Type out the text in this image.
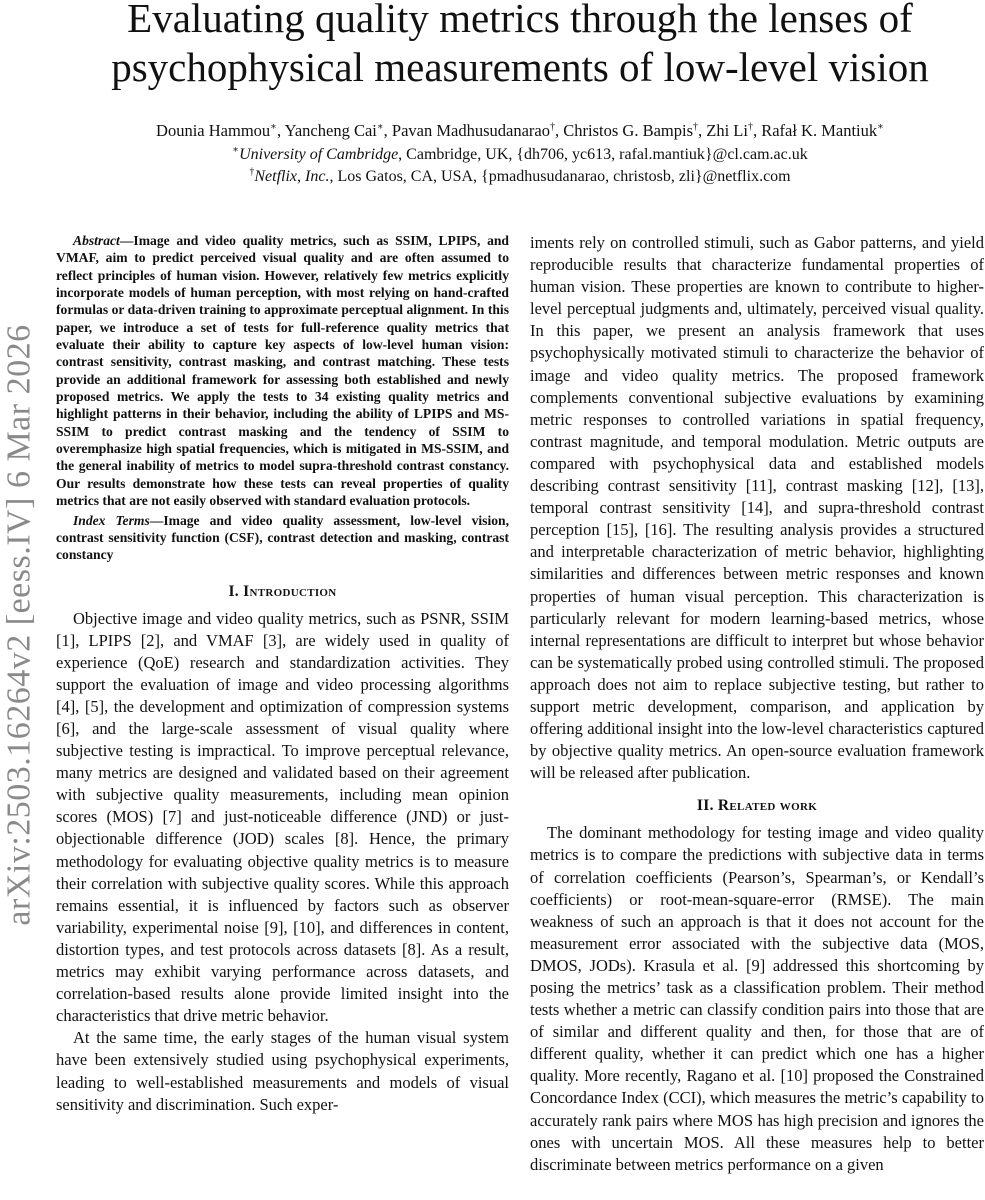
arXiv:2503.16264v2 [eess.IV] 6 Mar 2026
Evaluating quality metrics through the lenses of
psychophysical measurements of low-level vision
Dounia Hammou∗, Yancheng Cai∗, Pavan Madhusudanarao†, Christos G. Bampis†, Zhi Li†, Rafał K. Mantiuk∗
∗University of Cambridge, Cambridge, UK, {dh706, yc613, rafal.mantiuk}@cl.cam.ac.uk
†Netflix, Inc., Los Gatos, CA, USA, {pmadhusudanarao, christosb, zli}@netflix.com

Abstract—Image and video quality metrics, such as SSIM, LPIPS, and VMAF, aim to predict perceived visual quality and are often assumed to reflect principles of human vision. However, relatively few metrics explicitly incorporate models of human perception, with most relying on hand-crafted formulas or data-driven training to approximate perceptual alignment. In this paper, we introduce a set of tests for full-reference quality metrics that evaluate their ability to capture key aspects of low-level human vision: contrast sensitivity, contrast masking, and contrast matching. These tests provide an additional framework for assessing both established and newly proposed metrics. We apply the tests to 34 existing quality metrics and highlight patterns in their behavior, including the ability of LPIPS and MS-SSIM to predict contrast masking and the tendency of SSIM to overemphasize high spatial frequencies, which is mitigated in MS-SSIM, and the general inability of metrics to model supra-threshold contrast constancy. Our results demonstrate how these tests can reveal properties of quality metrics that are not easily observed with standard evaluation protocols.

Index Terms—Image and video quality assessment, low-level vision, contrast sensitivity function (CSF), contrast detection and masking, contrast constancy

I. Introduction

Objective image and video quality metrics, such as PSNR, SSIM [1], LPIPS [2], and VMAF [3], are widely used in quality of experience (QoE) research and standardization activities. They support the evaluation of image and video processing algorithms [4], [5], the development and optimization of compression systems [6], and the large-scale assessment of visual quality where subjective testing is impractical. To improve perceptual relevance, many metrics are designed and validated based on their agreement with subjective quality measurements, including mean opinion scores (MOS) [7] and just-noticeable difference (JND) or just-objectionable difference (JOD) scales [8]. Hence, the primary methodology for evaluating objective quality metrics is to measure their correlation with subjective quality scores. While this approach remains essential, it is influenced by factors such as observer variability, experimental noise [9], [10], and differences in content, distortion types, and test protocols across datasets [8]. As a result, metrics may exhibit varying performance across datasets, and correlation-based results alone provide limited insight into the characteristics that drive metric behavior.

At the same time, the early stages of the human visual system have been extensively studied using psychophysical experiments, leading to well-established measurements and models of visual sensitivity and discrimination. Such exper-

iments rely on controlled stimuli, such as Gabor patterns, and yield reproducible results that characterize fundamental properties of human vision. These properties are known to contribute to higher-level perceptual judgments and, ultimately, perceived visual quality. In this paper, we present an analysis framework that uses psychophysically motivated stimuli to characterize the behavior of image and video quality metrics. The proposed framework complements conventional subjective evaluations by examining metric responses to controlled variations in spatial frequency, contrast magnitude, and temporal modulation. Metric outputs are compared with psychophysical data and established models describing contrast sensitivity [11], contrast masking [12], [13], temporal contrast sensitivity [14], and supra-threshold contrast perception [15], [16]. The resulting analysis provides a structured and interpretable characterization of metric behavior, highlighting similarities and differences between metric responses and known properties of human visual perception. This characterization is particularly relevant for modern learning-based metrics, whose internal representations are difficult to interpret but whose behavior can be systematically probed using controlled stimuli. The proposed approach does not aim to replace subjective testing, but rather to support metric development, comparison, and application by offering additional insight into the low-level characteristics captured by objective quality metrics. An open-source evaluation framework will be released after publication.

II. Related work

The dominant methodology for testing image and video quality metrics is to compare the predictions with subjective data in terms of correlation coefficients (Pearson’s, Spearman’s, or Kendall’s coefficients) or root-mean-square-error (RMSE). The main weakness of such an approach is that it does not account for the measurement error associated with the subjective data (MOS, DMOS, JODs). Krasula et al. [9] addressed this shortcoming by posing the metrics’ task as a classification problem. Their method tests whether a metric can classify condition pairs into those that are of similar and different quality and then, for those that are of different quality, whether it can predict which one has a higher quality. More recently, Ragano et al. [10] proposed the Constrained Concordance Index (CCI), which measures the metric’s capability to accurately rank pairs where MOS has high precision and ignores the ones with uncertain MOS. All these measures help to better discriminate between metrics performance on a given
